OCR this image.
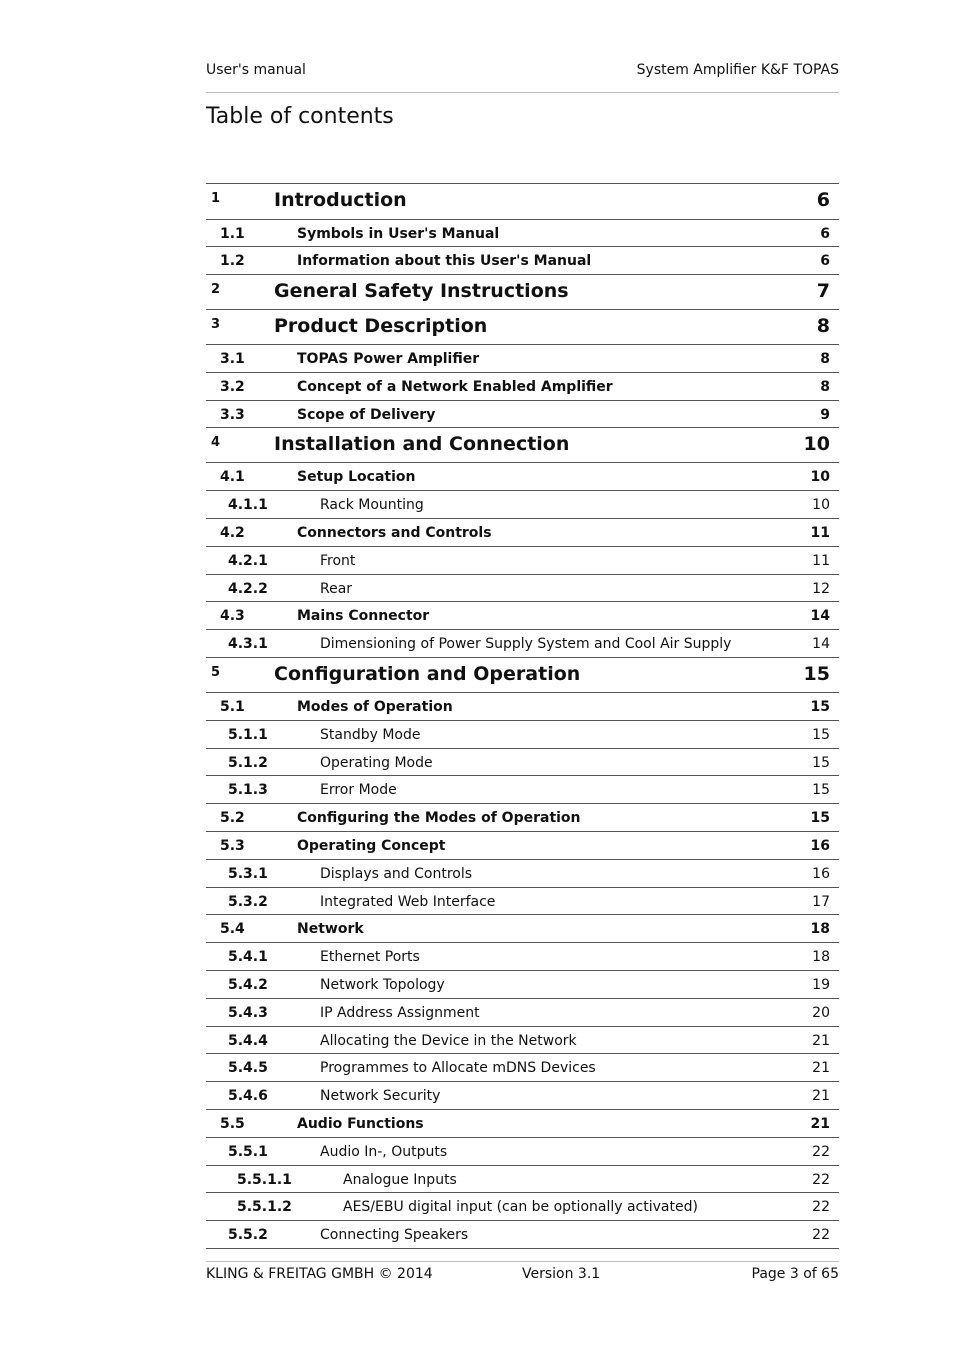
User's manual	System Amplifier K&F TOPAS
Table of contents
1	Introduction	6
1.1	Symbols in User's Manual	6
1.2	Information about this User's Manual	6
2	General Safety Instructions	7
3	Product Description	8
3.1	TOPAS Power Amplifier	8
3.2	Concept of a Network Enabled Amplifier	8
3.3	Scope of Delivery	9
4	Installation and Connection	10
4.1	Setup Location	10
4.1.1	Rack Mounting	10
4.2	Connectors and Controls	11
4.2.1	Front	11
4.2.2	Rear	12
4.3	Mains Connector	14
4.3.1	Dimensioning of Power Supply System and Cool Air Supply	14
5	Configuration and Operation	15
5.1	Modes of Operation	15
5.1.1	Standby Mode	15
5.1.2	Operating Mode	15
5.1.3	Error Mode	15
5.2	Configuring the Modes of Operation	15
5.3	Operating Concept	16
5.3.1	Displays and Controls	16
5.3.2	Integrated Web Interface	17
5.4	Network	18
5.4.1	Ethernet Ports	18
5.4.2	Network Topology	19
5.4.3	IP Address Assignment	20
5.4.4	Allocating the Device in the Network	21
5.4.5	Programmes to Allocate mDNS Devices	21
5.4.6	Network Security	21
5.5	Audio Functions	21
5.5.1	Audio In-, Outputs	22
5.5.1.1	Analogue Inputs	22
5.5.1.2	AES/EBU digital input (can be optionally activated)	22
5.5.2	Connecting Speakers	22
KLING & FREITAG GMBH © 2014	Version 3.1	Page 3 of 65
